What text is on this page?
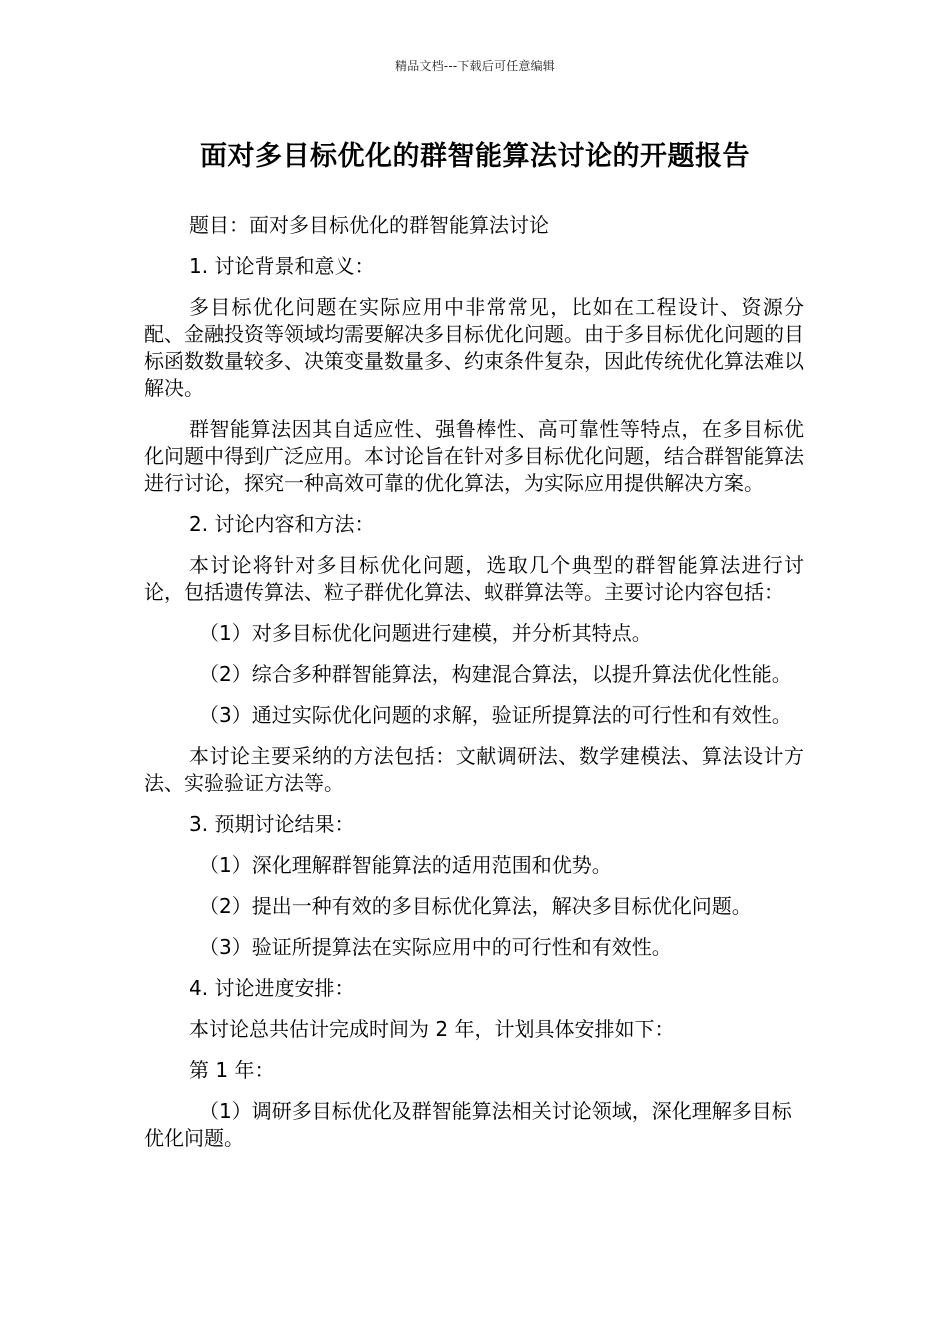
精品文档---下载后可任意编辑
面对多目标优化的群智能算法讨论的开题报告

题目：面对多目标优化的群智能算法讨论

1. 讨论背景和意义：

多目标优化问题在实际应用中非常常见，比如在工程设计、资源分配、金融投资等领域均需要解决多目标优化问题。由于多目标优化问题的目标函数数量较多、决策变量数量多、约束条件复杂，因此传统优化算法难以解决。

群智能算法因其自适应性、强鲁棒性、高可靠性等特点，在多目标优化问题中得到广泛应用。本讨论旨在针对多目标优化问题，结合群智能算法进行讨论，探究一种高效可靠的优化算法，为实际应用提供解决方案。

2. 讨论内容和方法：

本讨论将针对多目标优化问题，选取几个典型的群智能算法进行讨论，包括遗传算法、粒子群优化算法、蚁群算法等。主要讨论内容包括：

（1）对多目标优化问题进行建模，并分析其特点。

（2）综合多种群智能算法，构建混合算法，以提升算法优化性能。

（3）通过实际优化问题的求解，验证所提算法的可行性和有效性。

本讨论主要采纳的方法包括：文献调研法、数学建模法、算法设计方法、实验验证方法等。

3. 预期讨论结果：

（1）深化理解群智能算法的适用范围和优势。

（2）提出一种有效的多目标优化算法，解决多目标优化问题。

（3）验证所提算法在实际应用中的可行性和有效性。

4. 讨论进度安排：

本讨论总共估计完成时间为 2 年，计划具体安排如下：

第 1 年：

（1）调研多目标优化及群智能算法相关讨论领域，深化理解多目标优化问题。
